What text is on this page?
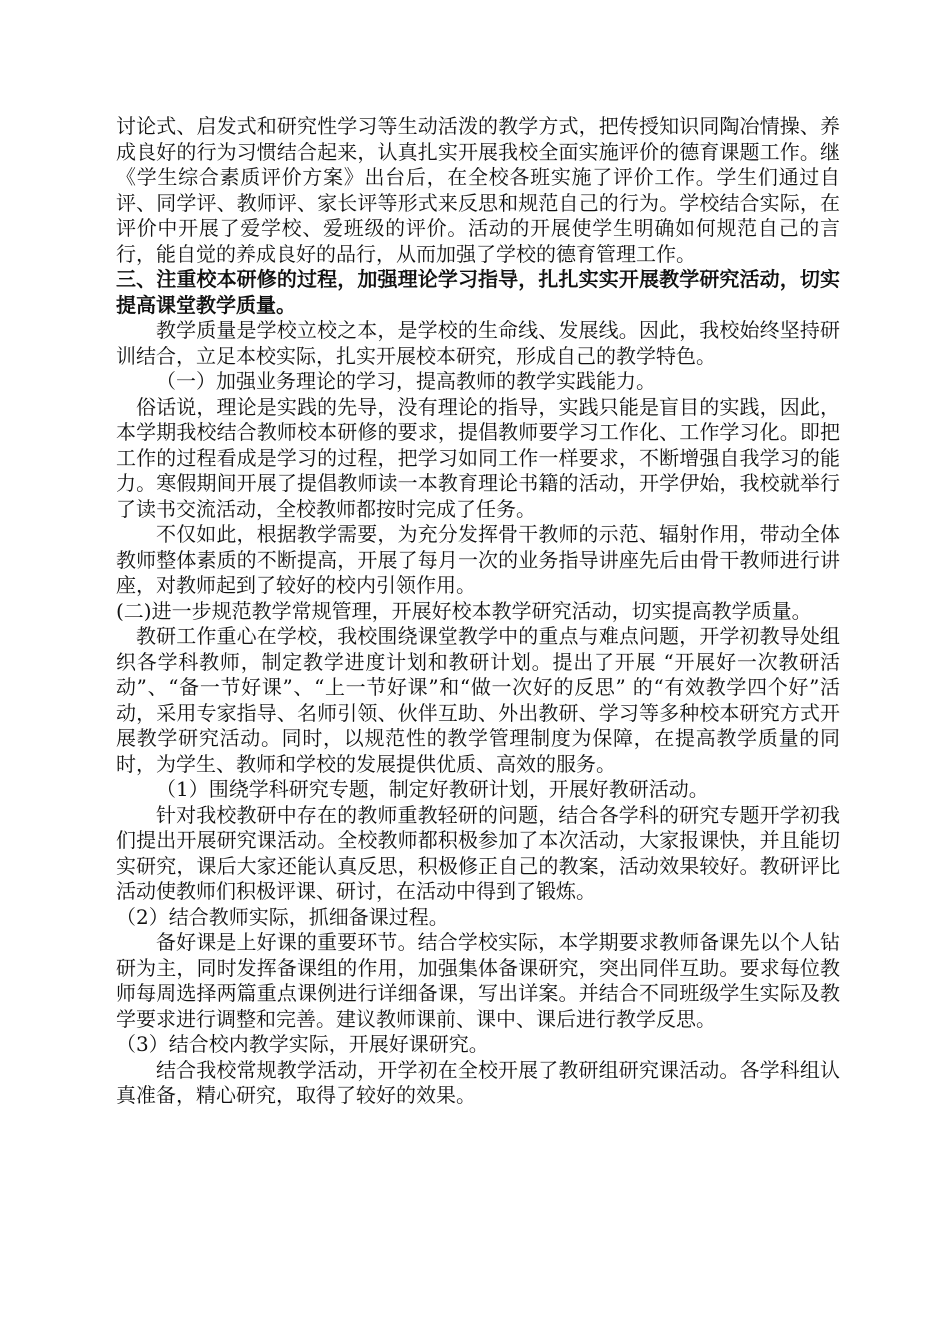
讨论式、启发式和研究性学习等生动活泼的教学方式，把传授知识同陶冶情操、养成良好的行为习惯结合起来，认真扎实开展我校全面实施评价的德育课题工作。继《学生综合素质评价方案》出台后，在全校各班实施了评价工作。学生们通过自评、同学评、教师评、家长评等形式来反思和规范自己的行为。学校结合实际，在评价中开展了爱学校、爱班级的评价。活动的开展使学生明确如何规范自己的言行，能自觉的养成良好的品行，从而加强了学校的德育管理工作。

三、注重校本研修的过程，加强理论学习指导，扎扎实实开展教学研究活动，切实提高课堂教学质量。

教学质量是学校立校之本，是学校的生命线、发展线。因此，我校始终坚持研训结合，立足本校实际，扎实开展校本研究，形成自己的教学特色。

（一）加强业务理论的学习，提高教师的教学实践能力。

俗话说，理论是实践的先导，没有理论的指导，实践只能是盲目的实践，因此，本学期我校结合教师校本研修的要求，提倡教师要学习工作化、工作学习化。即把工作的过程看成是学习的过程，把学习如同工作一样要求，不断增强自我学习的能力。寒假期间开展了提倡教师读一本教育理论书籍的活动，开学伊始，我校就举行了读书交流活动，全校教师都按时完成了任务。

不仅如此，根据教学需要，为充分发挥骨干教师的示范、辐射作用，带动全体教师整体素质的不断提高，开展了每月一次的业务指导讲座先后由骨干教师进行讲座，对教师起到了较好的校内引领作用。

(二)进一步规范教学常规管理，开展好校本教学研究活动，切实提高教学质量。

教研工作重心在学校，我校围绕课堂教学中的重点与难点问题，开学初教导处组织各学科教师，制定教学进度计划和教研计划。提出了开展 “开展好一次教研活动”、“备一节好课”、“上一节好课”和“做一次好的反思” 的“有效教学四个好”活动，采用专家指导、名师引领、伙伴互助、外出教研、学习等多种校本研究方式开展教学研究活动。同时，以规范性的教学管理制度为保障，在提高教学质量的同时，为学生、教师和学校的发展提供优质、高效的服务。

（1）围绕学科研究专题，制定好教研计划，开展好教研活动。

针对我校教研中存在的教师重教轻研的问题，结合各学科的研究专题开学初我们提出开展研究课活动。全校教师都积极参加了本次活动，大家报课快，并且能切实研究，课后大家还能认真反思，积极修正自己的教案，活动效果较好。教研评比活动使教师们积极评课、研讨，在活动中得到了锻炼。

（2）结合教师实际，抓细备课过程。

备好课是上好课的重要环节。结合学校实际，本学期要求教师备课先以个人钻研为主，同时发挥备课组的作用，加强集体备课研究，突出同伴互助。要求每位教师每周选择两篇重点课例进行详细备课，写出详案。并结合不同班级学生实际及教学要求进行调整和完善。建议教师课前、课中、课后进行教学反思。

（3）结合校内教学实际，开展好课研究。

结合我校常规教学活动，开学初在全校开展了教研组研究课活动。各学科组认真准备，精心研究，取得了较好的效果。
